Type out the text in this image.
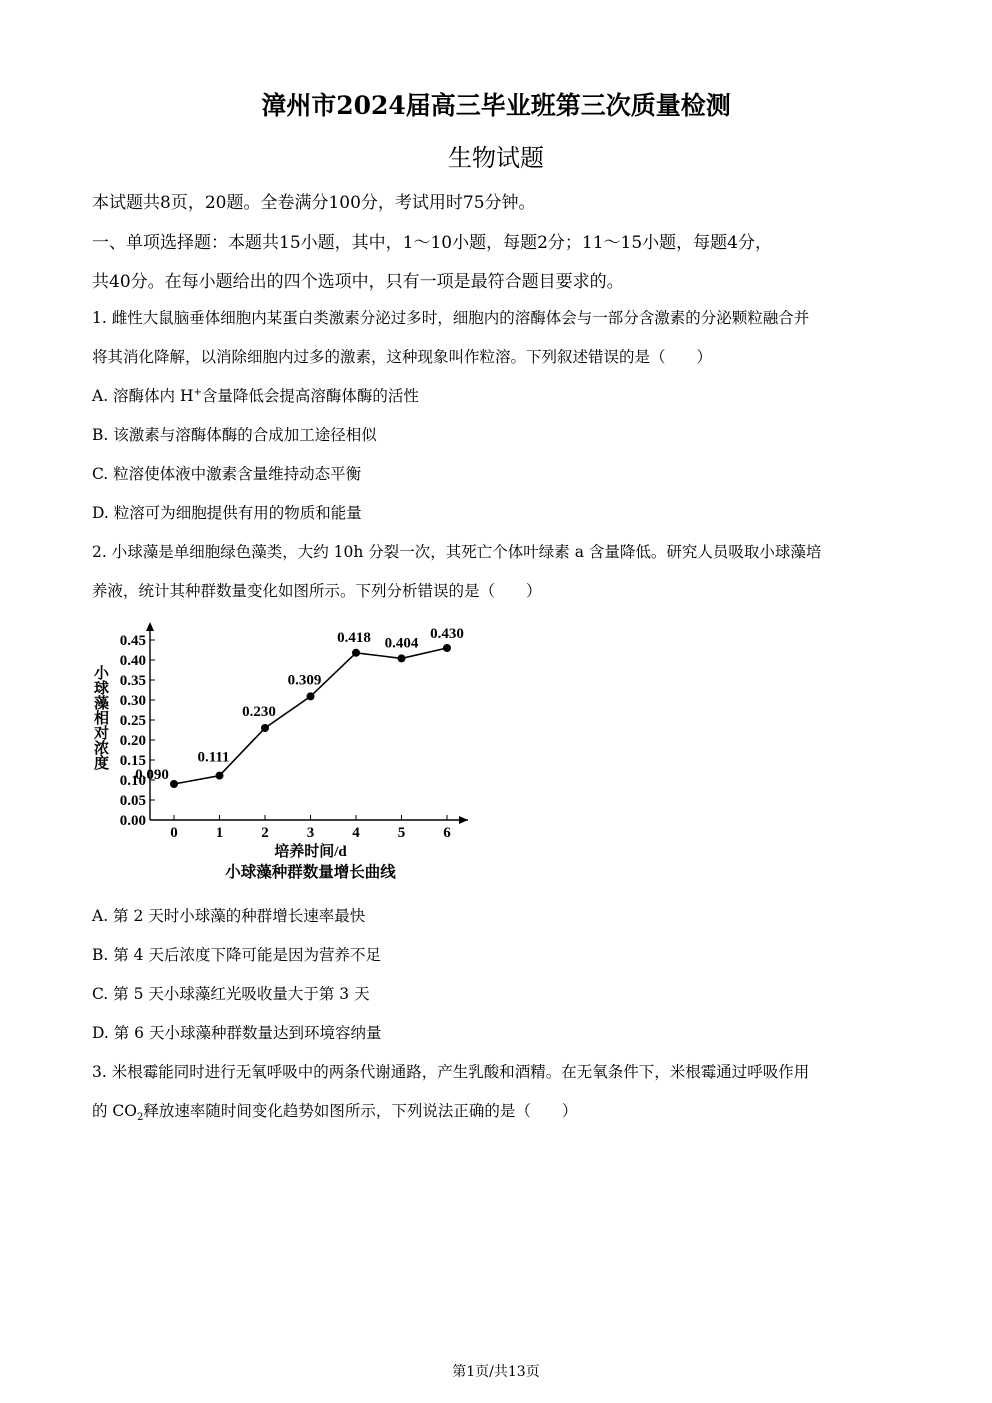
漳州市2024届高三毕业班第三次质量检测
生物试题
本试题共8页，20题。全卷满分100分，考试用时75分钟。
一、单项选择题：本题共15小题，其中，1～10小题，每题2分；11～15小题，每题4分，
共40分。在每小题给出的四个选项中，只有一项是最符合题目要求的。
1. 雌性大鼠脑垂体细胞内某蛋白类激素分泌过多时，细胞内的溶酶体会与一部分含激素的分泌颗粒融合并
将其消化降解，以消除细胞内过多的激素，这种现象叫作粒溶。下列叙述错误的是（　　）
A. 溶酶体内 H+含量降低会提高溶酶体酶的活性
B. 该激素与溶酶体酶的合成加工途径相似
C. 粒溶使体液中激素含量维持动态平衡
D. 粒溶可为细胞提供有用的物质和能量
2. 小球藻是单细胞绿色藻类，大约 10h 分裂一次，其死亡个体叶绿素 a 含量降低。研究人员吸取小球藻培
养液，统计其种群数量变化如图所示。下列分析错误的是（　　）
0.00
0.05
0.10
0.15
0.20
0.25
0.30
0.35
0.40
0.45
0	1	2	3	4	5	6
0.090
0.111
0.230
0.309
0.418 0.404
0.430
小球藻相对浓度
培养时间/d
小球藻种群数量增长曲线
A. 第 2 天时小球藻的种群增长速率最快
B. 第 4 天后浓度下降可能是因为营养不足
C. 第 5 天小球藻红光吸收量大于第 3 天
D. 第 6 天小球藻种群数量达到环境容纳量
3. 米根霉能同时进行无氧呼吸中的两条代谢通路，产生乳酸和酒精。在无氧条件下，米根霉通过呼吸作用
的 $CO_2$释放速率随时间变化趋势如图所示，下列说法正确的是（　　）
第1页/共13页
